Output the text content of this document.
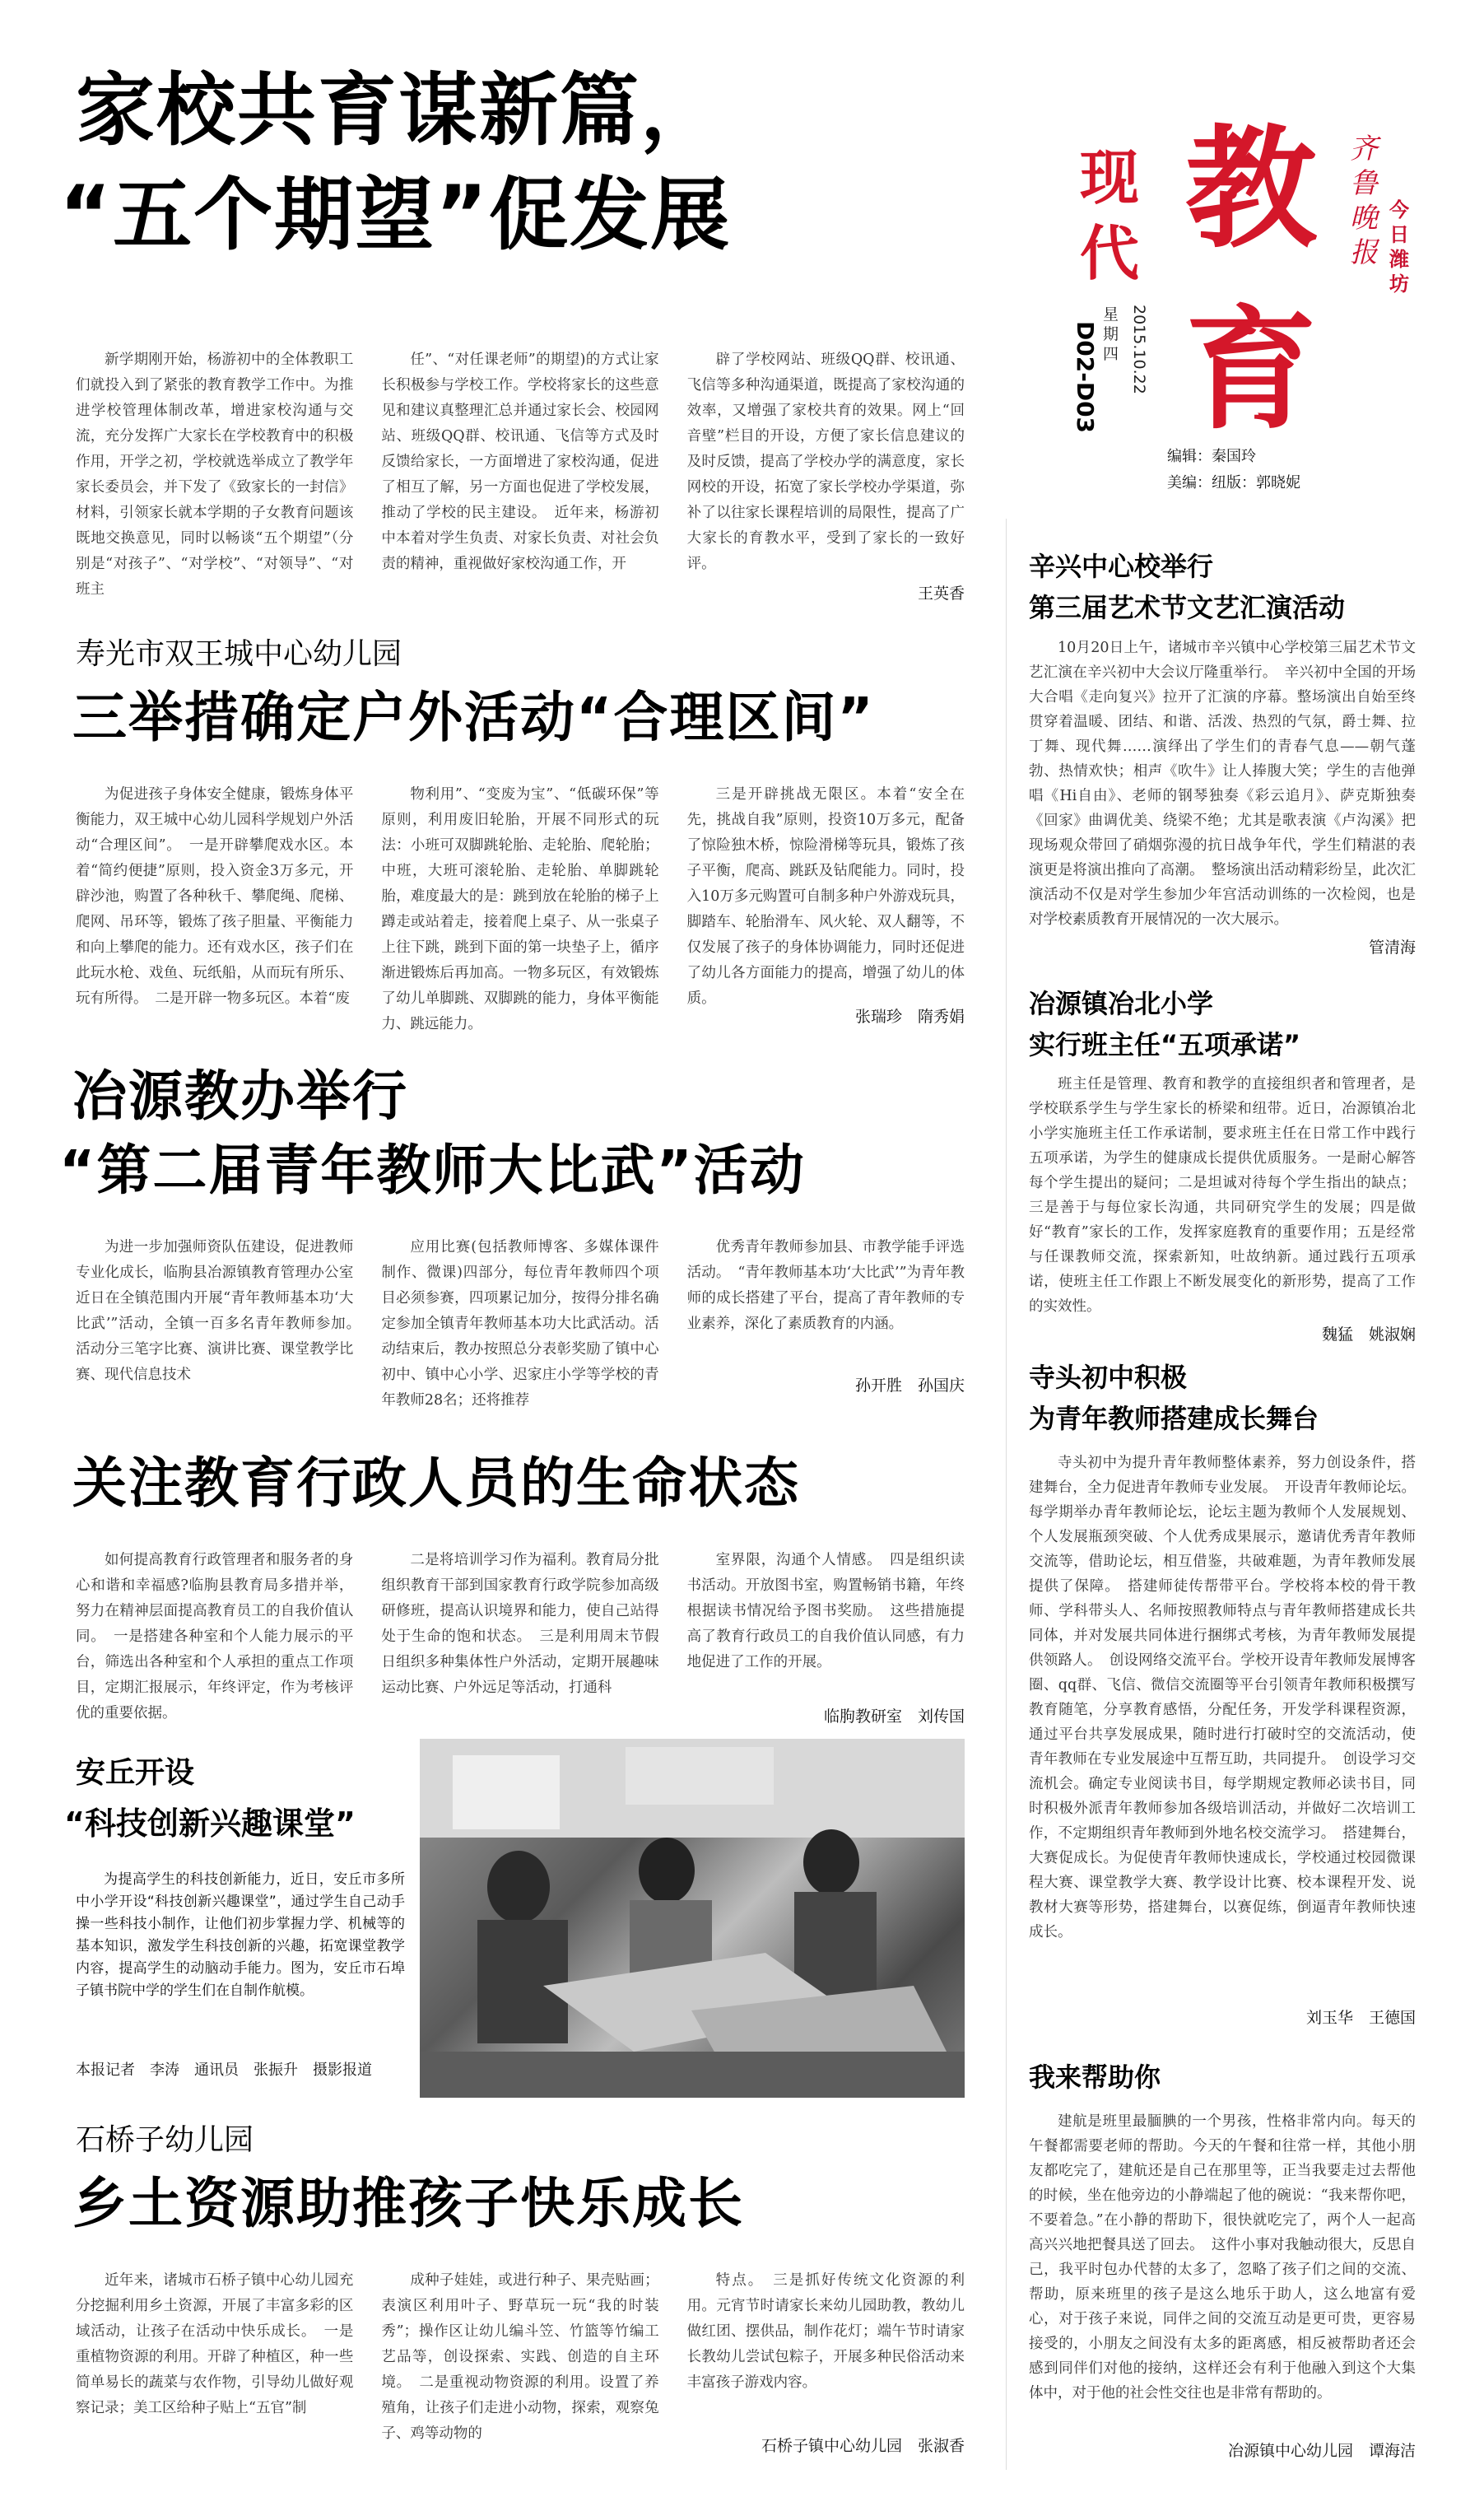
现代 教育
齐鲁晚报
今日潍坊
星期四 2015.10.22
D02-D03
编辑：秦国玲
美编：纽版：郭晓妮
家校共育谋新篇，
“五个期望”促发展

新学期刚开始，杨游初中的全体教职工们就投入到了紧张的教育教学工作中。为推进学校管理体制改革，增进家校沟通与交流，充分发挥广大家长在学校教育中的积极作用，开学之初，学校就选举成立了教学年家长委员会，并下发了《致家长的一封信》材料，引领家长就本学期的子女教育问题该既地交换意见，同时以畅谈“五个期望”（分别是“对孩子”、“对学校”、“对领导”、“对班主

任”、“对任课老师”的期望)的方式让家长积极参与学校工作。学校将家长的这些意见和建议真整理汇总并通过家长会、校园网站、班级QQ群、校讯通、飞信等方式及时反馈给家长，一方面增进了家校沟通，促进了相互了解，另一方面也促进了学校发展，推动了学校的民主建设。　近年来，杨游初中本着对学生负责、对家长负责、对社会负责的精神，重视做好家校沟通工作，开

辟了学校网站、班级QQ群、校讯通、飞信等多种沟通渠道，既提高了家校沟通的效率，又增强了家校共育的效果。网上“回音壁”栏目的开设，方便了家长信息建议的及时反馈，提高了学校办学的满意度，家长网校的开设，拓宽了家长学校办学渠道，弥补了以往家长课程培训的局限性，提高了广大家长的育教水平，受到了家长的一致好评。

王英香
寿光市双王城中心幼儿园
三举措确定户外活动“合理区间”

为促进孩子身体安全健康，锻炼身体平衡能力，双王城中心幼儿园科学规划户外活动“合理区间”。　一是开辟攀爬戏水区。本着“简约便捷”原则，投入资金3万多元，开辟沙池，购置了各种秋千、攀爬绳、爬梯、爬网、吊环等，锻炼了孩子胆量、平衡能力和向上攀爬的能力。还有戏水区，孩子们在此玩水枪、戏鱼、玩纸船，从而玩有所乐、玩有所得。　二是开辟一物多玩区。本着“废

物利用”、“变废为宝”、“低碳环保”等原则，利用废旧轮胎，开展不同形式的玩法：小班可双脚跳轮胎、走轮胎、爬轮胎；中班，大班可滚轮胎、走轮胎、单脚跳轮胎，难度最大的是：跳到放在轮胎的梯子上蹲走或站着走，接着爬上桌子、从一张桌子上往下跳，跳到下面的第一块垫子上，循序渐进锻炼后再加高。一物多玩区，有效锻炼了幼儿单脚跳、双脚跳的能力，身体平衡能力、跳远能力。

三是开辟挑战无限区。本着“安全在先，挑战自我”原则，投资10万多元，配备了惊险独木桥，惊险滑梯等玩具，锻炼了孩子平衡，爬高、跳跃及钻爬能力。同时，投入10万多元购置可自制多种户外游戏玩具，脚踏车、轮胎滑车、风火轮、双人翻等，不仅发展了孩子的身体协调能力，同时还促进了幼儿各方面能力的提高，增强了幼儿的体质。

张瑞珍　隋秀娟
冶源教办举行
“第二届青年教师大比武”活动

为进一步加强师资队伍建设，促进教师专业化成长，临朐县冶源镇教育管理办公室近日在全镇范围内开展“青年教师基本功‘大比武’”活动，全镇一百多名青年教师参加。　活动分三笔字比赛、演讲比赛、课堂教学比赛、现代信息技术

应用比赛(包括教师博客、多媒体课件制作、微课)四部分，每位青年教师四个项目必须参赛，四项累记加分，按得分排名确定参加全镇青年教师基本功大比武活动。活动结束后，教办按照总分表彰奖励了镇中心初中、镇中心小学、迟家庄小学等学校的青年教师28名；还将推荐

优秀青年教师参加县、市教学能手评选活动。　“青年教师基本功‘大比武’”为青年教师的成长搭建了平台，提高了青年教师的专业素养，深化了素质教育的内涵。

孙开胜　孙国庆
关注教育行政人员的生命状态

如何提高教育行政管理者和服务者的身心和谐和幸福感?临朐县教育局多措并举，努力在精神层面提高教育员工的自我价值认同。　一是搭建各种室和个人能力展示的平台，筛选出各种室和个人承担的重点工作项目，定期汇报展示，年终评定，作为考核评优的重要依据。

二是将培训学习作为福利。教育局分批组织教育干部到国家教育行政学院参加高级研修班，提高认识境界和能力，使自己站得处于生命的饱和状态。　三是利用周末节假日组织多种集体性户外活动，定期开展趣味运动比赛、户外远足等活动，打通科

室界限，沟通个人情感。　四是组织读书活动。开放图书室，购置畅销书籍，年终根据读书情况给予图书奖励。　这些措施提高了教育行政员工的自我价值认同感，有力地促进了工作的开展。

临朐教研室　刘传国
安丘开设
“科技创新兴趣课堂”

为提高学生的科技创新能力，近日，安丘市多所中小学开设“科技创新兴趣课堂”，通过学生自己动手操一些科技小制作，让他们初步掌握力学、机械等的基本知识，激发学生科技创新的兴趣，拓宽课堂教学内容，提高学生的动脑动手能力。图为，安丘市石埠子镇书院中学的学生们在自制作航模。

本报记者　李涛　通讯员　张振升　摄影报道
石桥子幼儿园
乡土资源助推孩子快乐成长

近年来，诸城市石桥子镇中心幼儿园充分挖掘利用乡土资源，开展了丰富多彩的区域活动，让孩子在活动中快乐成长。　一是重植物资源的利用。开辟了种植区，种一些简单易长的蔬菜与农作物，引导幼儿做好观察记录；美工区给种子贴上“五官”制

成种子娃娃，或进行种子、果壳贴画；表演区利用叶子、野草玩一玩“我的时装秀”；操作区让幼儿编斗笠、竹篮等竹编工艺品等，创设探索、实践、创造的自主环境。　二是重视动物资源的利用。设置了养殖角，让孩子们走进小动物，探索，观察兔子、鸡等动物的

特点。　三是抓好传统文化资源的利用。元宵节时请家长来幼儿园助教，教幼儿做红团、摆供品，制作花灯；端午节时请家长教幼儿尝试包粽子，开展多种民俗活动来丰富孩子游戏内容。

石桥子镇中心幼儿园　张淑香
辛兴中心校举行
第三届艺术节文艺汇演活动

10月20日上午，诸城市辛兴镇中心学校第三届艺术节文艺汇演在辛兴初中大会议厅隆重举行。　辛兴初中全国的开场大合唱《走向复兴》拉开了汇演的序幕。整场演出自始至终贯穿着温暖、团结、和谐、活泼、热烈的气氛，爵士舞、拉丁舞、现代舞……演绎出了学生们的青春气息——朝气蓬勃、热情欢快；相声《吹牛》让人捧腹大笑；学生的吉他弹唱《Hi自由》、老师的钢琴独奏《彩云追月》、萨克斯独奏《回家》曲调优美、绕梁不绝；尤其是歌表演《卢沟溪》把现场观众带回了硝烟弥漫的抗日战争年代，学生们精湛的表演更是将演出推向了高潮。　整场演出活动精彩纷呈，此次汇演活动不仅是对学生参加少年宫活动训练的一次检阅，也是对学校素质教育开展情况的一次大展示。

管清海
冶源镇冶北小学
实行班主任“五项承诺”

班主任是管理、教育和教学的直接组织者和管理者，是学校联系学生与学生家长的桥梁和纽带。近日，冶源镇冶北小学实施班主任工作承诺制，要求班主任在日常工作中践行五项承诺，为学生的健康成长提供优质服务。一是耐心解答每个学生提出的疑问；二是坦诚对待每个学生指出的缺点；三是善于与每位家长沟通，共同研究学生的发展；四是做好“教育”家长的工作，发挥家庭教育的重要作用；五是经常与任课教师交流，探索新知，吐故纳新。通过践行五项承诺，使班主任工作跟上不断发展变化的新形势，提高了工作的实效性。

魏猛　姚淑娴
寺头初中积极
为青年教师搭建成长舞台

寺头初中为提升青年教师整体素养，努力创设条件，搭建舞台，全力促进青年教师专业发展。　开设青年教师论坛。每学期举办青年教师论坛，论坛主题为教师个人发展规划、个人发展瓶颈突破、个人优秀成果展示，邀请优秀青年教师交流等，借助论坛，相互借鉴，共破难题，为青年教师发展提供了保障。　搭建师徒传帮带平台。学校将本校的骨干教师、学科带头人、名师按照教师特点与青年教师搭建成长共同体，并对发展共同体进行捆绑式考核，为青年教师发展提供领路人。　创设网络交流平台。学校开设青年教师发展博客圈、qq群、飞信、微信交流圈等平台引领青年教师积极撰写教育随笔，分享教育感悟，分配任务，开发学科课程资源，通过平台共享发展成果，随时进行打破时空的交流活动，使青年教师在专业发展途中互帮互助，共同提升。　创设学习交流机会。确定专业阅读书目，每学期规定教师必读书目，同时积极外派青年教师参加各级培训活动，并做好二次培训工作，不定期组织青年教师到外地名校交流学习。　搭建舞台，大赛促成长。为促使青年教师快速成长，学校通过校园微课程大赛、课堂教学大赛、教学设计比赛、校本课程开发、说教材大赛等形势，搭建舞台，以赛促练，倒逼青年教师快速成长。

刘玉华　王德国
我来帮助你

建航是班里最腼腆的一个男孩，性格非常内向。每天的午餐都需要老师的帮助。今天的午餐和往常一样，其他小朋友都吃完了，建航还是自己在那里等，正当我要走过去帮他的时候，坐在他旁边的小静端起了他的碗说：“我来帮你吧，不要着急。”在小静的帮助下，很快就吃完了，两个人一起高高兴兴地把餐具送了回去。　这件小事对我触动很大，反思自己，我平时包办代替的太多了，忽略了孩子们之间的交流、帮助，原来班里的孩子是这么地乐于助人，这么地富有爱心，对于孩子来说，同伴之间的交流互动是更可贵，更容易接受的，小朋友之间没有太多的距离感，相反被帮助者还会感到同伴们对他的接纳，这样还会有利于他融入到这个大集体中，对于他的社会性交往也是非常有帮助的。

冶源镇中心幼儿园　谭海洁
